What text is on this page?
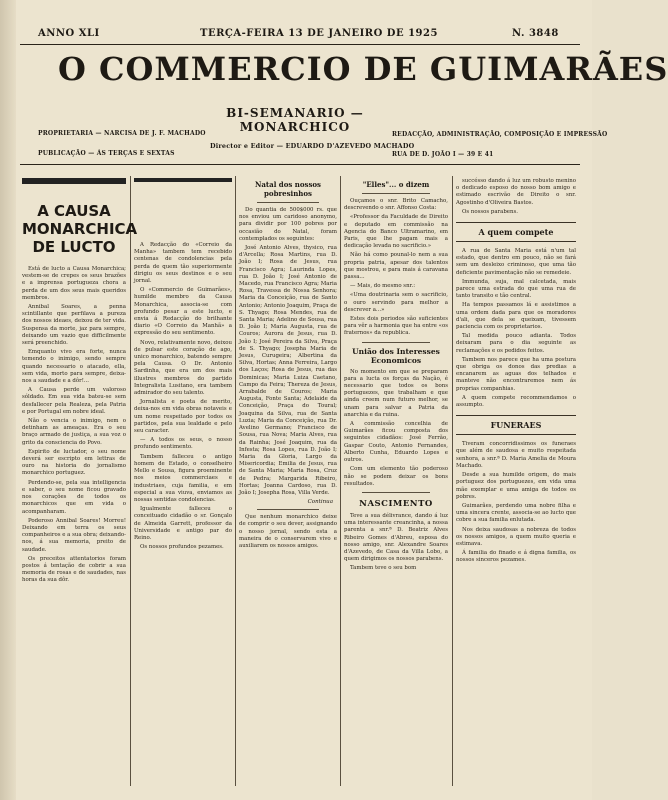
ANNO XLI	TERÇA-FEIRA 13 DE JANEIRO DE 1925	N. 3848
O COMMERCIO DE GUIMARÃES
BI-SEMANARIO — MONARCHICO
PROPRIETARIA — NARCISA DE J. F. MACHADO
PUBLICAÇÃO — ÁS TERÇAS E SEXTAS
Director e Editor — EDUARDO D'AZEVEDO MACHADO
REDACÇÃO, ADMINISTRAÇÃO, COMPOSIÇÃO E IMPRESSÃO
RUA DE D. JOÃO I — 39 E 41
A CAUSA MONARCHICA DE LUCTO

Está de lucto a Causa Monarchica; vestem-se de crepes os seus brazões e a imprensa portugueza chora a perda de um dos seus mais queridos membros.

Annibal Soares, a penna scintillante que perfilava a pureza dos nossos ideaes, deixou de ter vida. Suspensa da morte, jaz para sempre, deixando um vazio que difficilmente será preenchido.

Emquanto vivo era forte, nunca temendo o inimigo, sendo sempre quando necessario o atacado, ella, sem vida, morto para sempre, deixa-nos a saudade e a dôr!...

A Causa perde um valoroso sóldado. Em sua vida bateu-se sem desfallecer pela Realeza, pela Patria e por Portugal em nobre ideal.

Não o vencia o inimigo, nem o detinham as ameaças. Era o seu braço armado de justiça, a sua voz o grito da consciencia do Povo.

Espirito de luctador, o seu nome deverá ser escripto em lettras de ouro na historia do jornalismo monarchico portuguez.

Perdendo-se, pela sua intelligencia e saber, o seu nome ficou gravado nos corações de todos os monarchicos que em vida o acompanharam.

Poderoso Annibal Soares! Morreu! Deixando em terra os seus companheiros e a sua obra; deixando-nos, á sua memoria, preito de saudade.

Os preceitos attentatorios foram postos á tentação de cobrir a sua memoria de rosas e de saudades, nas horas da sua dôr.

A Redacção do «Correio da Manha» tambem tem recebido centenas de condolencias pela perda de quem tão superiormente dirigiu os seus destinos e o seu jornal.

O «Commercio de Guimarães», humilde membro da Causa Monarchica, associa-se com profundo pesar a este lucto, e envia á Redacção do brilhante diario «O Correio da Manhã» a expressão do seu sentimento.

Novo, relativamente novo, deixou de pulsar este coração de ago, unico monarchico, batendo sempre pela Causa. O Dr. Antonio Sardinha, que era um dos mais illustres membros do partido Integralista Lusitano, era tambem admirador do seu talento.

Jornalista e poeta de merito, deixa-nos em vida obras notaveis e um nome respeitado por todos os partidos, pela sua lealdade e pelo seu caracter.

— A todos os seus, o nosso profundo sentimento.

Tambem falleceu o antigo homem de Estado, o conselheiro Mello e Sousa, figura proeminente nos meios commerciaes e industriaes, cuja familia, e em especial a sua viuva, enviamos as nossas sentidas condolencias.

Igualmente falleceu o conceituado cidadão o sr. Gonçalo de Almeida Garrett, professor da Universidade e antigo par do Reino.

Os nossos profundos pezames.

Natal dos nossos pobresinhos

Do quantia de 500$000 rs. que nos enviou um caridoso anonymo, para dividir por 100 pobres por occasião do Natal, foram contemplados os seguintes:

José Antonio Alves, thysico, rua d'Arcella; Rosa Martins, rua D. João I; Rosa de Jesus, rua Francisco Agra; Laurinda Lopes, rua D. João I; José Antonio de Macedo, rua Francisco Agra; Maria Rosa, Travessa de Nossa Senhora; Maria da Conceição, rua de Santo Antonio; Antonio Joaquim, Praça de S. Thyago; Rosa Mendes, rua de Santa Maria; Adelino de Sousa, rua D. João I; Maria Augusta, rua de Couros; Aurora de Jesus, rua D. João I; José Pereira da Silva, Praça de S. Thyago; Josepha Maria de Jesus, Curugeira; Albertina da Silva, Hortas; Anna Ferreira, Largo dos Laços; Rosa de Jesus, rua das Dominicas; Maria Luiza Caetano, Campo da Feira; Thereza de Jesus, Arrabalde de Couros; Maria Augusta, Fonte Santa; Adelaide da Conceição, Praça do Toural; Joaquina da Silva, rua de Santa Luzia; Maria da Conceição, rua Dr. Avelino Germano; Francisco de Sousa, rua Nova; Maria Alves, rua da Rainha; José Joaquim, rua da Infesta; Rosa Lopes, rua D. João I; Maria da Gloria, Largo da Misericordia; Emilia de Jesus, rua de Santa Maria; Maria Rosa, Cruz de Pedra; Margarida Ribeiro, Hortas; Joanna Cardoso, rua D. João I; Josepha Rosa, Villa Verde.

Continua

Que nenhum monarchico deixe de comprir o seu dever, assignando o nosso jornal, sendo esta a maneira de o conservarem vivo e auxiliarem os nossos amigos.

"Elles"... o dizem

Ouçamos o snr. Brito Camacho, descrevendo o snr. Affonso Costa:

«Professor da Faculdade de Direito e deputado em commissão na Agencia do Banco Ultramarino, em Paris, que lhe pagam mais a dedicação levada no sacrificio.»

Não há como pounal-lo nem a sua propria patria, apesar dos talentos que mostrou, e para mais á caravana passa...

— Mais, do mesmo snr.:

«Uma doutrinaria sem o sacrificio, o ouro servindo para melhor a descrever a...»

Estes dois periodos são suficientes para vêr a harmonia que ha entre «os fraternos» da republica.

União dos Interesses Economicos

No momento em que se preparam para a lucta os forças da Nação, é necessario que todos os bons portuguezes, que trabalham e que ainda creem num futuro melhor, se unam para salvar a Patria da anarchia e da ruina.

A commissão concelhia de Guimarães ficou composta dos seguintes cidadãos: José Ferrão, Gaspar Couto, Antonio Fernandes, Alberto Cunha, Eduardo Lopes e outros.

Com um elemento tão poderoso não se podem deixar os bons resultados.

NASCIMENTO

Teve a sua délivrance, dando á luz uma interessante creancinha, a nossa parenta a snr.ª D. Beatriz Alves Ribeiro Gomes d'Abreu, esposa do nosso amigo, snr. Alexandre Soares d'Azevedo, de Casa da Villa Lobo, a quem dirigimos os nossos parabens.

Tambem teve o seu bom

succésso dando á luz um robusto menino o dedicado esposo do nosso bom amigo e estimado escrivão de Direito o snr. Agostinho d'Oliveira Bastos.

Os nossos parabens.

A quem compete

A rua de Santa Maria está n'um tal estado, que dentro em pouco, não se fará sem um desleixo criminoso, que uma tão deficiente pavimentação não se remedeie.

Immunda, suja, mal calcetada, mais parece uma estrada do que uma rua de tanto transito e tão central.

Ha tempos passamos lá e assistimos a uma ordem dada para que os moradores d'ali, que dela se queixam, tivessem paciencia com os proprietarios.

Tal medida pouco adianta. Todos deixaram para o dia seguinte as reclamações e os pedidos feitos.

Tambem nos parece que ha uma postura que obriga os donos das predias a encanarem as aguas dos telhados e manteve não encontraremos nem ás proprias companhias.

A quem compete recommendamos o assumpto.

FUNERAES

Tiveram concorridissimos os funeraes que além de saudosa e muito respeitada senhora, a snr.ª D. Maria Amelia de Moura Machado.

Desde a sua humilde origem, do mais portuguez dos portuguezes, em vida uma mãe exemplar e uma amiga de todos os pobres.

Guimarães, perdendo uma nobre filha e uma sincera crente, associa-se ao lucto que cobre a sua familia enlutada.

Nos deixa saudosas a nobreza de todos os nossos amigos, a quem muito queria e estimava.

Á familia do finado e á digna familia, os nossos sinceros pezames.
